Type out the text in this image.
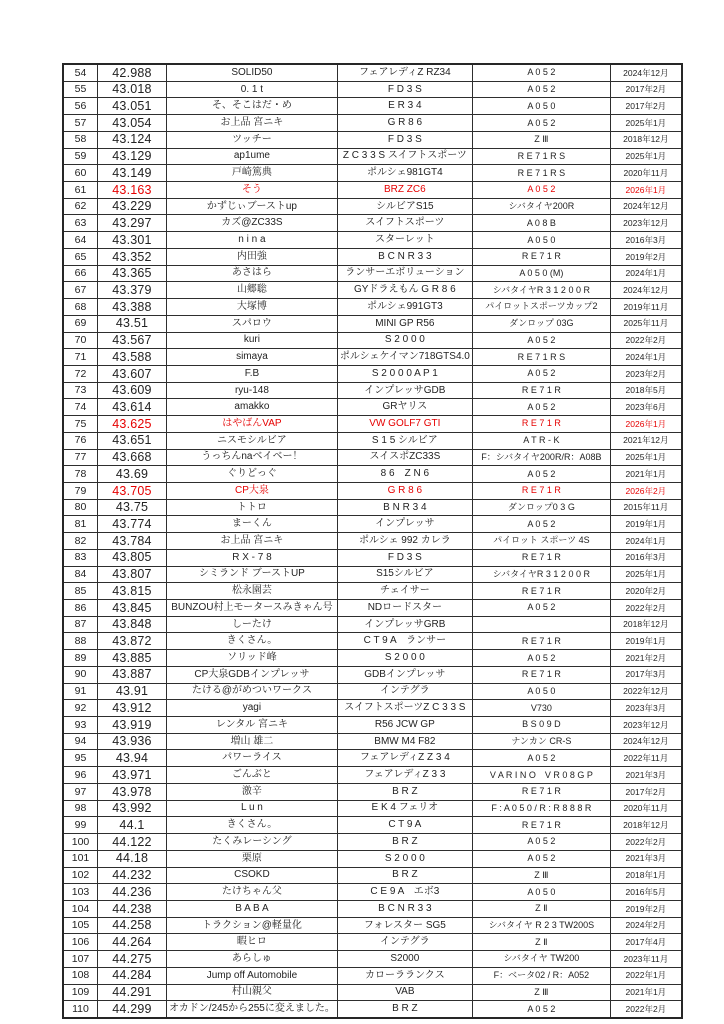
54	42.988	SOLID50	フェアレディZ RZ34	A 0 5 2	2024年12月
55	43.018	0. 1 t	F D 3 S	A 0 5 2	2017年2月
56	43.051	そ、そこはだ・め	E R 3 4	A 0 5 0	2017年2月
57	43.054	お上品 宮ニキ	G R 8 6	A 0 5 2	2025年1月
58	43.124	ツッチー	F D 3 S	Z Ⅲ	2018年12月
59	43.129	ap1ume	Z C 3 3 S スイフトスポーツ	R E 7 1 R S	2025年1月
60	43.149	戸崎篤典	ポルシェ981GT4	R E 7 1 R S	2020年11月
61	43.163	そう	BRZ ZC6	A 0 5 2	2026年1月
62	43.229	かずじぃブーストup	シルビアS15	シバタイヤ200R	2024年12月
63	43.297	カズ@ZC33S	スイフトスポーツ	A 0 8 B	2023年12月
64	43.301	n i n a	スターレット	A 0 5 0	2016年3月
65	43.352	内田強	B C N R 3 3	R E 7 1 R	2019年2月
66	43.365	あさはら	ランサーエボリューション	A 0 5 0 (M)	2024年1月
67	43.379	山郷聡	GYドラえもん G R 8 6	シバタイヤR 3 1 2 0 0 R	2024年12月
68	43.388	大塚博	ポルシェ991GT3	パイロットスポーツカップ2	2019年11月
69	43.51	スパロウ	MINI GP R56	ダンロップ 03G	2025年11月
70	43.567	kuri	S 2 0 0 0	A 0 5 2	2022年2月
71	43.588	simaya	ポルシェケイマン718GTS4.0	R E 7 1 R S	2024年1月
72	43.607	F.B	S 2 0 0 0 A P 1	A 0 5 2	2023年2月
73	43.609	ryu-148	インプレッサGDB	R E 7 1 R	2018年5月
74	43.614	amakko	GRヤリス	A 0 5 2	2023年6月
75	43.625	はやばんVAP	VW GOLF7 GTI	R E 7 1 R	2026年1月
76	43.651	ニスモシルビア	S 1 5 シルビア	A T R - K	2021年12月
77	43.668	うっちんnaベイベー！	スイスポZC33S	F：シバタイヤ200R/R：A08B	2025年1月
78	43.69	ぐりどっぐ	8 6　Z N 6	A 0 5 2	2021年1月
79	43.705	CP大泉	G R 8 6	R E 7 1 R	2026年2月
80	43.75	トトロ	B N R 3 4	ダンロップ0 3 G	2015年11月
81	43.774	まーくん	インプレッサ	A 0 5 2	2019年1月
82	43.784	お上品 宮ニキ	ポルシェ 992 カレラ	パイロット スポーツ 4S	2024年1月
83	43.805	R X - 7 8	F D 3 S	R E 7 1 R	2016年3月
84	43.807	シミランド ブーストUP	S15シルビア	シバタイヤR 3 1 2 0 0 R	2025年1月
85	43.815	松永園芸	チェイサー	R E 7 1 R	2020年2月
86	43.845	BUNZOU村上モータースみきゃん号	NDロードスター	A 0 5 2	2022年2月
87	43.848	しーたけ	インプレッサGRB		2018年12月
88	43.872	きくさん。	C T 9 A　ランサー	R E 7 1 R	2019年1月
89	43.885	ソリッド峰	S 2 0 0 0	A 0 5 2	2021年2月
90	43.887	CP大泉GDBインプレッサ	GDBインプレッサ	R E 7 1 R	2017年3月
91	43.91	たける@がめついワークス	インテグラ	A 0 5 0	2022年12月
92	43.912	yagi	スイフトスポーツZ C 3 3 S	V730	2023年3月
93	43.919	レンタル 宮ニキ	R56 JCW GP	B S 0 9 D	2023年12月
94	43.936	増山 雄二	BMW M4 F82	ナンカン CR-S	2024年12月
95	43.94	パワーライス	フェアレディZ Z 3 4	A 0 5 2	2022年11月
96	43.971	ごんぶと	フェアレディZ 3 3	V A R I N O　V R 0 8 G P	2021年3月
97	43.978	激辛	B R Z	R E 7 1 R	2017年2月
98	43.992	L u n	E K 4 フェリオ	F : A 0 5 0 / R : R 8 8 8 R	2020年11月
99	44.1	きくさん。	C T 9 A	R E 7 1 R	2018年12月
100	44.122	たくみレーシング	B R Z	A 0 5 2	2022年2月
101	44.18	栗原	S 2 0 0 0	A 0 5 2	2021年3月
102	44.232	CSOKD	B R Z	Z Ⅲ	2018年1月
103	44.236	たけちゃん父	C E 9 A　エボ3	A 0 5 0	2016年5月
104	44.238	B A B A	B C N R 3 3	Z Ⅱ	2019年2月
105	44.258	トラクション@軽量化	フォレスター SG5	シバタイヤ R 2 3 TW200S	2024年2月
106	44.264	暇ヒロ	インテグラ	Z Ⅱ	2017年4月
107	44.275	あらしゅ	S2000	シバタイヤ TW200	2023年11月
108	44.284	Jump off Automobile	カローラランクス	F：ベータ02 / R：A052	2022年1月
109	44.291	村山親父	VAB	Z Ⅲ	2021年1月
110	44.299	オカドン/245から255に変えました。	B R Z	A 0 5 2	2022年2月
